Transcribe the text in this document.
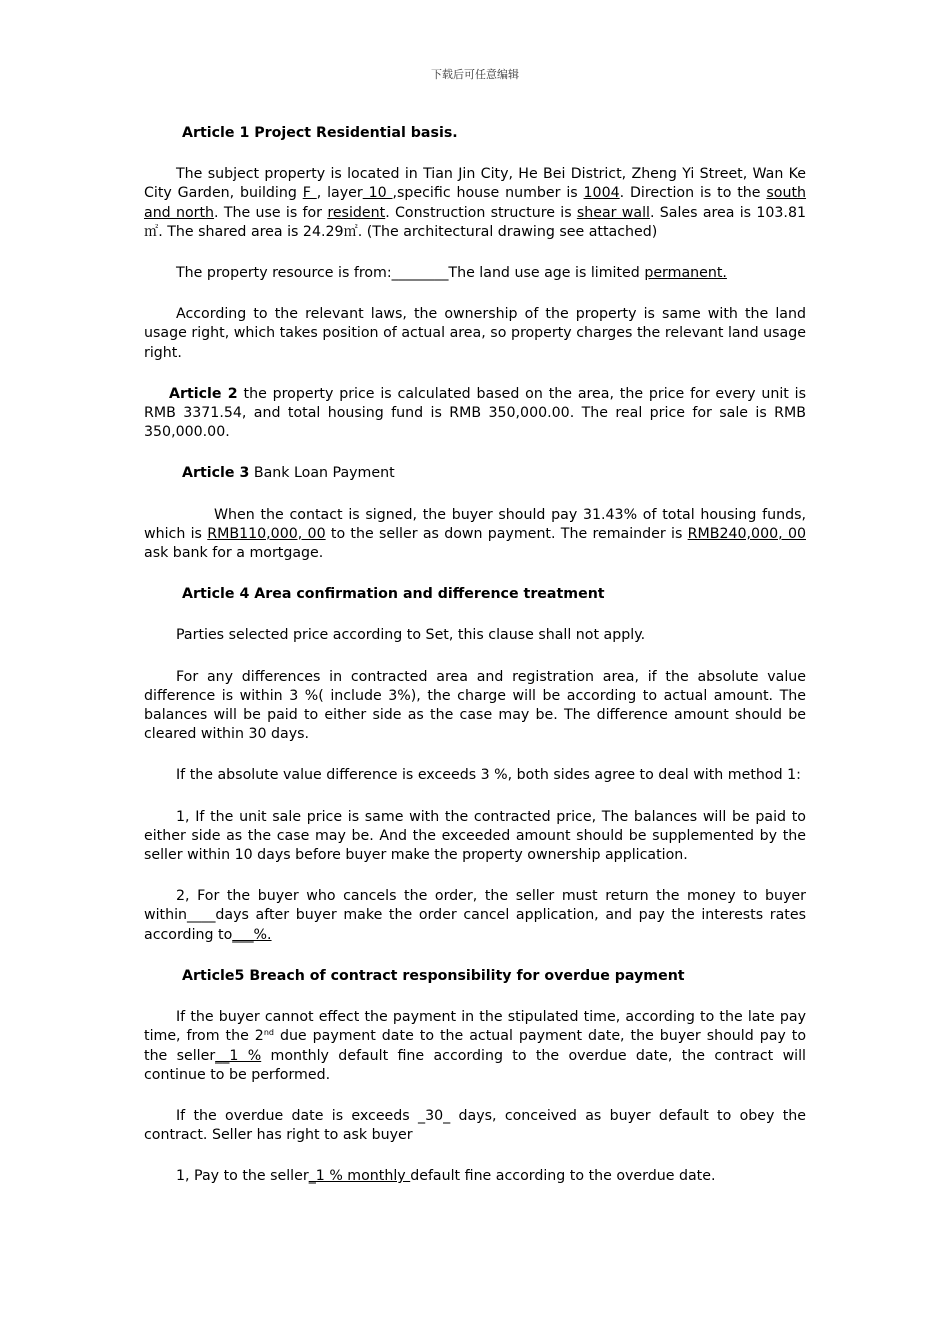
下载后可任意编辑

Article 1 Project Residential basis.

The subject property is located in Tian Jin City, He Bei District, Zheng Yi Street, Wan Ke City Garden, building F , layer 10 ,specific house number is 1004. Direction is to the south and north. The use is for resident. Construction structure is shear wall. Sales area is 103.81㎡. The shared area is 24.29㎡. (The architectural drawing see attached)

The property resource is from:________The land use age is limited permanent.

According to the relevant laws, the ownership of the property is same with the land usage right, which takes position of actual area, so property charges the relevant land usage right.

Article 2 the property price is calculated based on the area, the price for every unit is RMB 3371.54, and total housing fund is RMB 350,000.00. The real price for sale is RMB 350,000.00.

Article 3 Bank Loan Payment

When the contact is signed, the buyer should pay 31.43% of total housing funds, which is RMB110,000, 00 to the seller as down payment. The remainder is RMB240,000, 00 ask bank for a mortgage.

Article 4 Area confirmation and difference treatment

Parties selected price according to Set, this clause shall not apply.

For any differences in contracted area and registration area, if the absolute value difference is within 3 %( include 3%), the charge will be according to actual amount. The balances will be paid to either side as the case may be. The difference amount should be cleared within 30 days.

If the absolute value difference is exceeds 3 %, both sides agree to deal with method 1:

1, If the unit sale price is same with the contracted price, The balances will be paid to either side as the case may be. And the exceeded amount should be supplemented by the seller within 10 days before buyer make the property ownership application.

2, For the buyer who cancels the order, the seller must return the money to buyer within____days after buyer make the order cancel application, and pay the interests rates according to___%.

Article5 Breach of contract responsibility for overdue payment

If the buyer cannot effect the payment in the stipulated time, according to the late pay time, from the 2nd due payment date to the actual payment date, the buyer should pay to the seller__1 % monthly default fine according to the overdue date, the contract will continue to be performed.

If the overdue date is exceeds _30_ days, conceived as buyer default to obey the contract. Seller has right to ask buyer

1, Pay to the seller_1 % monthly default fine according to the overdue date.
